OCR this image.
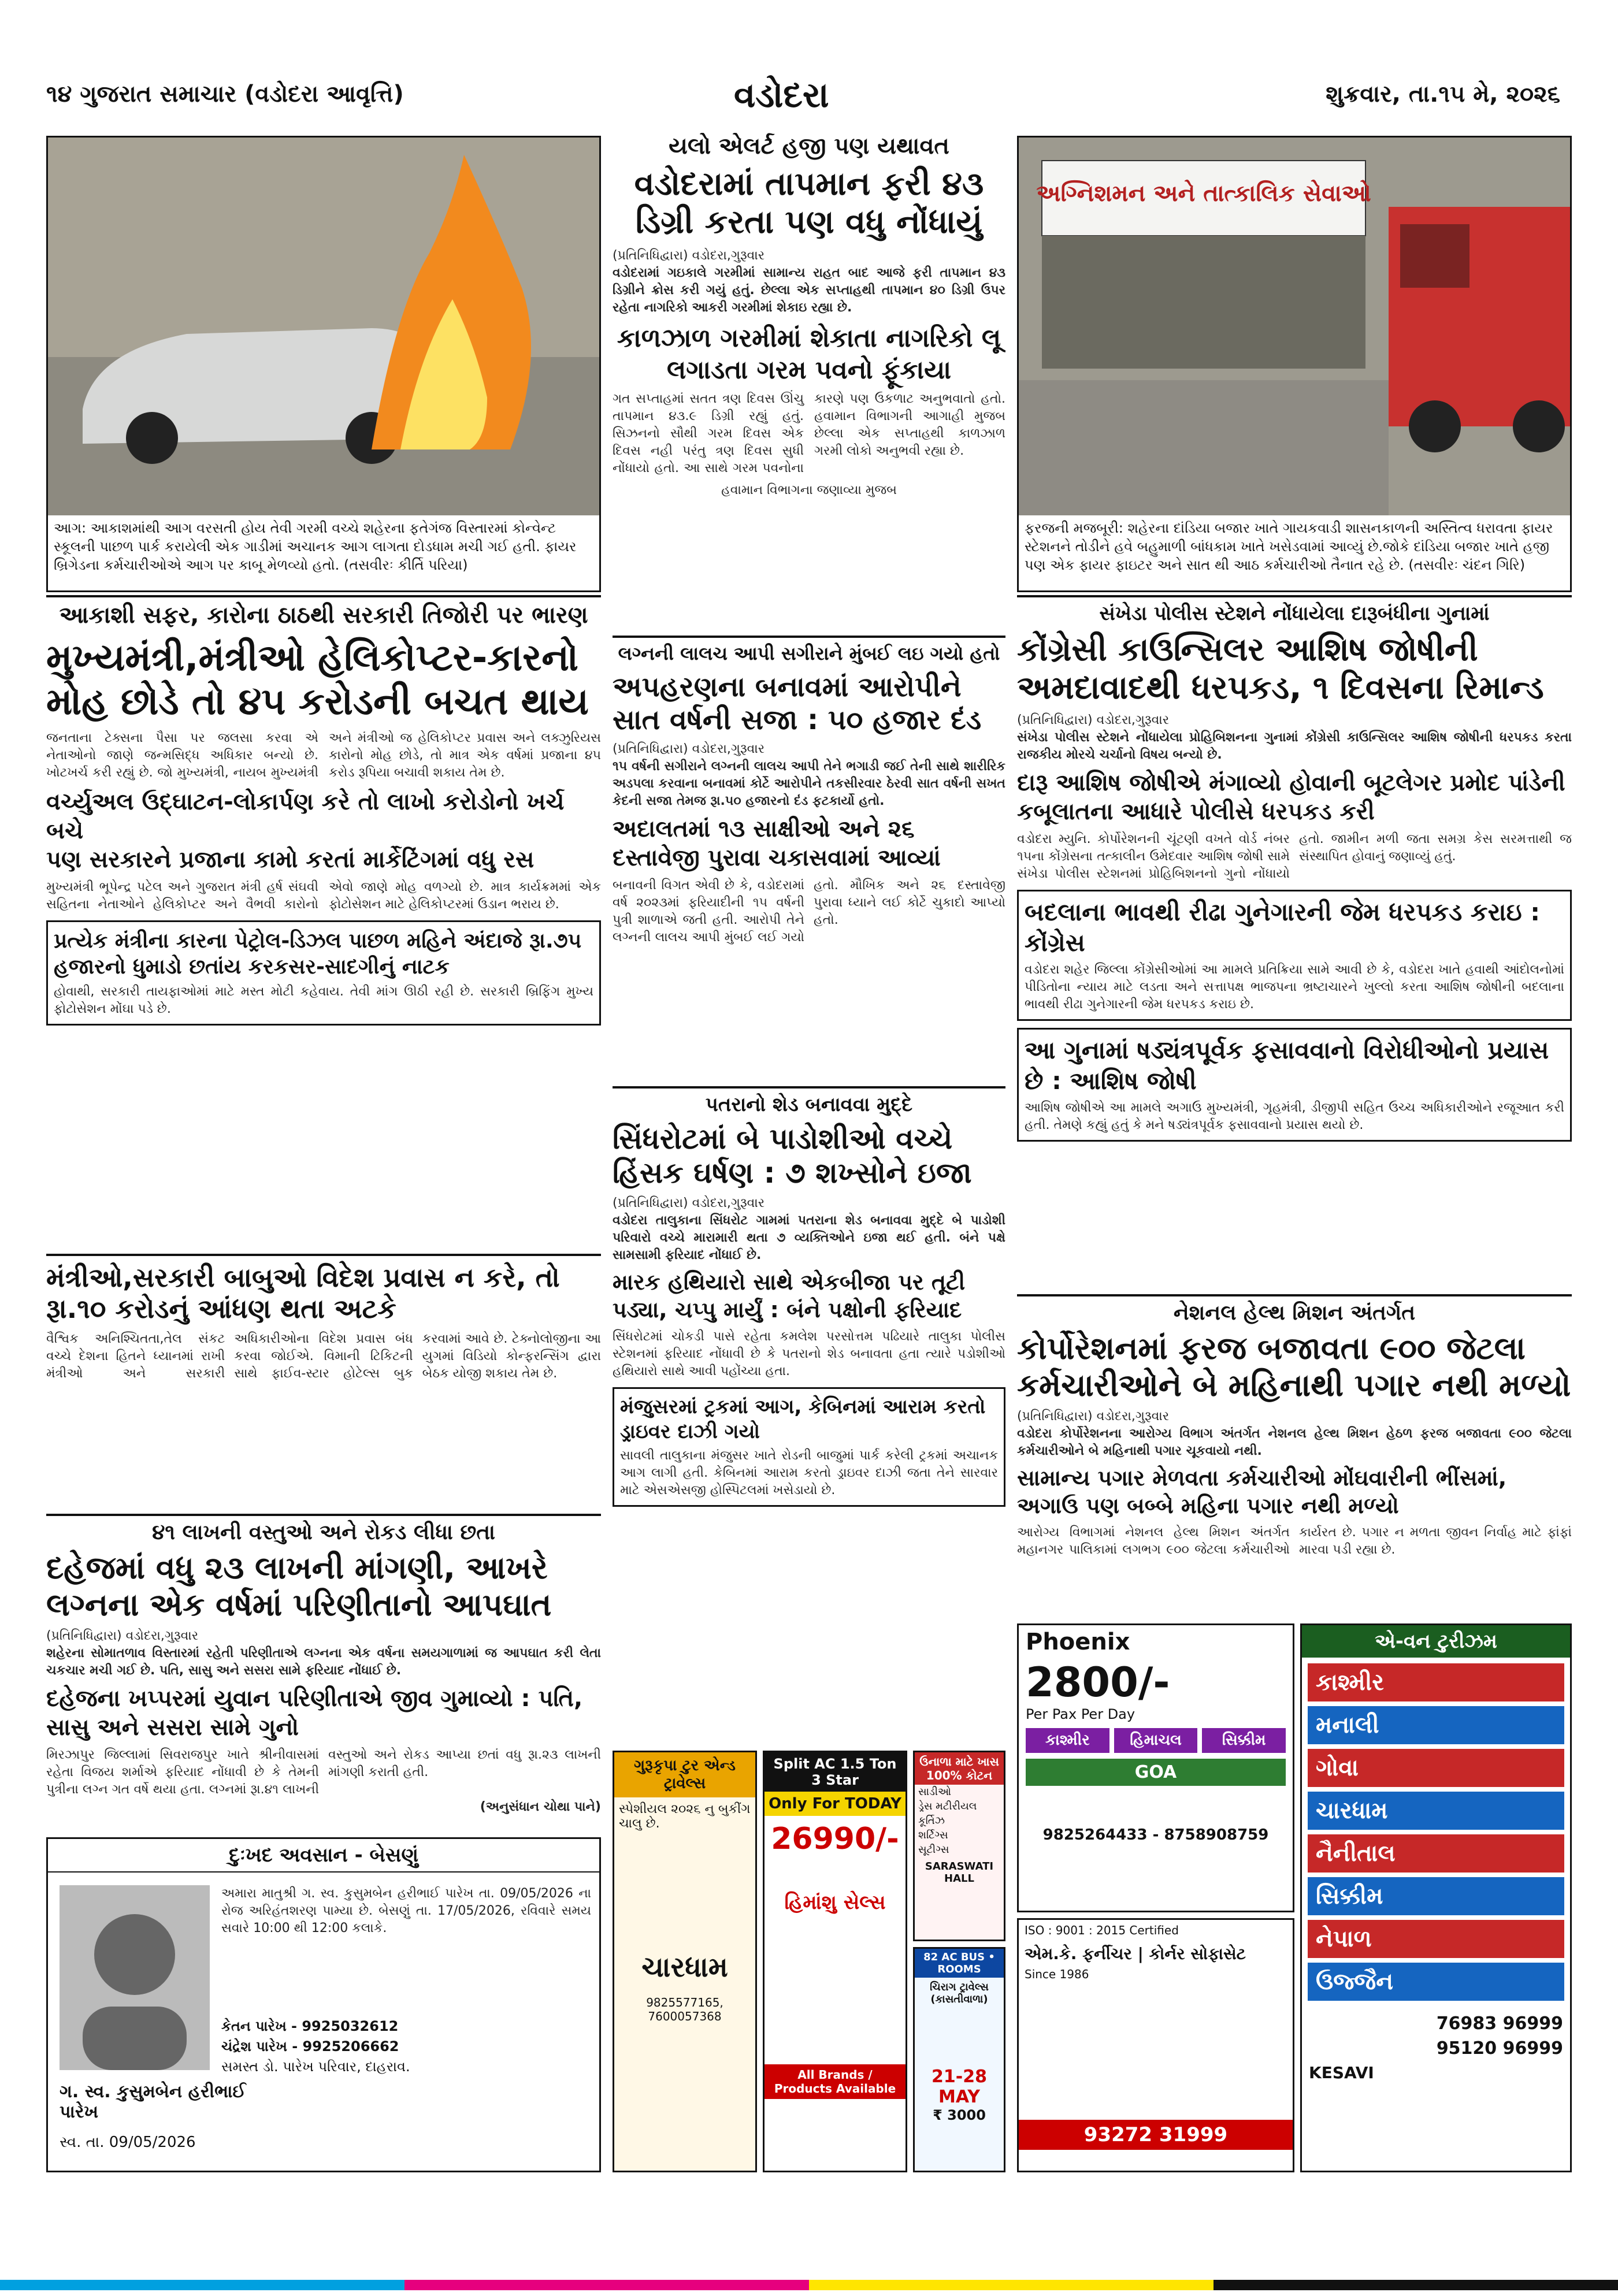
૧૪ ગુજરાત સમાચાર (વડોદરા આવૃત્તિ)	વડોદરા	શુક્રવાર, તા.૧૫ મે, ૨૦૨૬
આગ: આકાશમાંથી આગ વરસતી હોય તેવી ગરમી વચ્ચે શહેરના ફતેગંજ વિસ્તારમાં કોન્વેન્ટ સ્કૂલની પાછળ પાર્ક કરાયેલી એક ગાડીમાં અચાનક આગ લાગતા દોડધામ મચી ગઈ હતી. ફાયર બ્રિગેડના કર્મચારીઓએ આગ પર કાબૂ મેળવ્યો હતો. (તસવીરઃ કીર્તિ પરિયા)
યલો એલર્ટ હજી પણ યથાવત
વડોદરામાં તાપમાન ફરી ૪૩ ડિગ્રી કરતા પણ વધુ નોંધાયું
(પ્રતિનિધિદ્વારા) વડોદરા,ગુરૂવાર
વડોદરામાં ગઇકાલે ગરમીમાં સામાન્ય રાહત બાદ આજે ફરી તાપમાન ૪૩ ડિગ્રીને ક્રોસ કરી ગયું હતું. છેલ્લા એક સપ્તાહથી તાપમાન ૪૦ ડિગ્રી ઉપર રહેતા નાગરિકો આકરી ગરમીમાં શેકાઇ રહ્યા છે.
કાળઝાળ ગરમીમાં શેકાતા નાગરિકો લૂ લગાડતા ગરમ પવનો ફૂંકાયા
ગત સપ્તાહમાં સતત ત્રણ દિવસ ઊંચુ તાપમાન ૪૩.૯ ડિગ્રી રહ્યું હતું. સિઝનનો સૌથી ગરમ દિવસ એક દિવસ નહી પરંતુ ત્રણ દિવસ સુધી નોંધાયો હતો. આ સાથે ગરમ પવનોના કારણે પણ ઉકળાટ અનુભવાતો હતો. હવામાન વિભાગની આગાહી મુજબ છેલ્લા એક સપ્તાહથી કાળઝાળ ગરમી લોકો અનુભવી રહ્યા છે.
હવામાન વિભાગના જણાવ્યા મુજબ
અગ્નિશમન અને તાત્કાલિક સેવાઓ
ફરજની મજબૂરી: શહેરના દાંડિયા બજાર ખાતે ગાયકવાડી શાસનકાળની અસ્તિત્વ ધરાવતા ફાયર સ્ટેશનને તોડીને હવે બહુમાળી બાંધકામ ખાતે ખસેડવામાં આવ્યું છે.જોકે દાંડિયા બજાર ખાતે હજી પણ એક ફાયર ફાઇટર અને સાત થી આઠ કર્મચારીઓ તૈનાત રહે છે. (તસવીરઃ ચંદન ગિરિ)
આકાશી સફર, કારોના ઠાઠથી સરકારી તિજોરી પર ભારણ
મુખ્યમંત્રી,મંત્રીઓ હેલિકોપ્ટર-કારનો મોહ છોડે તો ૪૫ કરોડની બચત થાય
જનતાના ટેક્સના પૈસા પર જલસા કરવા એ નેતાઓનો જાણે જન્મસિદ્ધ અધિકાર બન્યો છે. ખોટખર્ચ કરી રહ્યું છે. જો મુખ્યમંત્રી, નાયબ મુખ્યમંત્રી અને મંત્રીઓ જ હેલિકોપ્ટર પ્રવાસ અને લક્ઝુરિયસ કારોનો મોહ છોડે, તો માત્ર એક વર્ષમાં પ્રજાના ૪૫ કરોડ રૂપિયા બચાવી શકાય તેમ છે.
વર્ચ્યુઅલ ઉદ્ઘાટન-લોકાર્પણ કરે તો લાખો કરોડોનો ખર્ચ બચે
પણ સરકારને પ્રજાના કામો કરતાં માર્કેટિંગમાં વધુ રસ
મુખ્યમંત્રી ભૂપેન્દ્ર પટેલ અને ગુજરાત મંત્રી હર્ષ સંઘવી સહિતના નેતાઓને હેલિકોપ્ટર અને વૈભવી કારોનો એવો જાણે મોહ વળગ્યો છે. માત્ર કાર્યક્રમમાં એક ફોટોસેશન માટે હેલિકોપ્ટરમાં ઉડાન ભરાય છે.
પ્રત્યેક મંત્રીના કારના પેટ્રોલ-ડિઝલ પાછળ મહિને અંદાજે રૂા.૭૫ હજારનો ધુમાડો છતાંય કરકસર-સાદગીનું નાટક
હોવાથી, સરકારી તાયફાઓમાં માટે મસ્ત મોટી કહેવાય. તેવી માંગ ઊઠી રહી છે. સરકારી બ્રિફિંગ મુખ્ય ફોટોસેશન મોંઘા પડે છે.
મંત્રીઓ,સરકારી બાબુઓ વિદેશ પ્રવાસ ન કરે, તો રૂા.૧૦ કરોડનું આંધણ થતા અટકે
વૈશ્વિક અનિશ્ચિતતા,તેલ સંકટ વચ્ચે દેશના હિતને ધ્યાનમાં રાખી મંત્રીઓ અને સરકારી અધિકારીઓના વિદેશ પ્રવાસ બંધ કરવા જોઈએ. વિમાની ટિકિટની સાથે ફાઈવ-સ્ટાર હોટેલ્સ બુક કરવામાં આવે છે. ટેક્નોલોજીના આ યુગમાં વિડિયો કોન્ફરન્સિંગ દ્વારા બેઠક યોજી શકાય તેમ છે.
લગ્નની લાલચ આપી સગીરાને મુંબઈ લઇ ગયો હતો
અપહરણના બનાવમાં આરોપીને સાત વર્ષની સજા : ૫૦ હજાર દંડ
(પ્રતિનિધિદ્વારા) વડોદરા,ગુરૂવાર
૧૫ વર્ષની સગીરાને લગ્નની લાલચ આપી તેને ભગાડી જઈ તેની સાથે શારીરિક અડપલા કરવાના બનાવમાં કોર્ટે આરોપીને તકસીરવાર ઠેરવી સાત વર્ષની સખત કેદની સજા તેમજ રૂા.૫૦ હજારનો દંડ ફટકાર્યો હતો.
અદાલતમાં ૧૩ સાક્ષીઓ અને ૨૬ દસ્તાવેજી પુરાવા ચકાસવામાં આવ્યાં
બનાવની વિગત એવી છે કે, વડોદરામાં વર્ષ ૨૦૨૩માં ફરિયાદીની ૧૫ વર્ષની પુત્રી શાળાએ જતી હતી. આરોપી તેને લગ્નની લાલચ આપી મુંબઈ લઈ ગયો હતો. મૌખિક અને ૨૬ દસ્તાવેજી પુરાવા ધ્યાને લઈ કોર્ટે ચુકાદો આપ્યો હતો.
પતરાનો શેડ બનાવવા મુદ્દે
સિંધરોટમાં બે પાડોશીઓ વચ્ચે હિંસક ઘર્ષણ : ૭ શખ્સોને ઇજા
(પ્રતિનિધિદ્વારા) વડોદરા,ગુરૂવાર
વડોદરા તાલુકાના સિંધરોટ ગામમાં પતરાના શેડ બનાવવા મુદ્દે બે પાડોશી પરિવારો વચ્ચે મારામારી થતા ૭ વ્યક્તિઓને ઇજા થઈ હતી. બંને પક્ષે સામસામી ફરિયાદ નોંધાઈ છે.
મારક હથિયારો સાથે એકબીજા પર તૂટી પડ્યા, ચપ્પુ માર્યું : બંને પક્ષોની ફરિયાદ
સિંધરોટમાં ચોકડી પાસે રહેતા કમલેશ પરસોત્તમ પઢિયારે તાલુકા પોલીસ સ્ટેશનમાં ફરિયાદ નોંધાવી છે કે પતરાનો શેડ બનાવતા હતા ત્યારે પડોશીઓ હથિયારો સાથે આવી પહોંચ્યા હતા.
મંજુસરમાં ટ્રકમાં આગ, કેબિનમાં આરામ કરતો ડ્રાઇવર દાઝી ગયો
સાવલી તાલુકાના મંજુસર ખાતે રોડની બાજુમાં પાર્ક કરેલી ટ્રકમાં અચાનક આગ લાગી હતી. કેબિનમાં આરામ કરતો ડ્રાઇવર દાઝી જતા તેને સારવાર માટે એસએસજી હોસ્પિટલમાં ખસેડાયો છે.
સંખેડા પોલીસ સ્ટેશને નોંધાયેલા દારૂબંધીના ગુનામાં
કોંગ્રેસી કાઉન્સિલર આશિષ જોષીની અમદાવાદથી ધરપકડ, ૧ દિવસના રિમાન્ડ
(પ્રતિનિધિદ્વારા) વડોદરા,ગુરૂવાર
સંખેડા પોલીસ સ્ટેશને નોંધાયેલા પ્રોહિબિશનના ગુનામાં કોંગ્રેસી કાઉન્સિલર આશિષ જોષીની ધરપકડ કરતા રાજકીય મોરચે ચર્ચાનો વિષય બન્યો છે.
દારૂ આશિષ જોષીએ મંગાવ્યો હોવાની બૂટલેગર પ્રમોદ પાંડેની કબૂલાતના આધારે પોલીસે ધરપકડ કરી
વડોદરા મ્યુનિ. કોર્પોરેશનની ચૂંટણી વખતે વોર્ડ નંબર ૧૫ના કોંગ્રેસના તત્કાલીન ઉમેદવાર આશિષ જોષી સામે સંખેડા પોલીસ સ્ટેશનમાં પ્રોહિબિશનનો ગુનો નોંધાયો હતો. જામીન મળી જતા સમગ્ર કેસ સરમત્તાથી જ સંસ્થાપિત હોવાનું જણાવ્યું હતું.
બદલાના ભાવથી રીઢા ગુનેગારની જેમ ધરપકડ કરાઇ : કોંગ્રેસ
વડોદરા શહેર જિલ્લા કોંગ્રેસીઓમાં આ મામલે પ્રતિક્રિયા સામે આવી છે કે, વડોદરા ખાતે હવાથી આંદોલનોમાં પીડિતોના ન્યાય માટે લડતા અને સત્તાપક્ષ ભાજપના ભ્રષ્ટાચારને ખુલ્લો કરતા આશિષ જોષીની બદલાના ભાવથી રીઢા ગુનેગારની જેમ ધરપકડ કરાઇ છે.
આ ગુનામાં ષડ્યંત્રપૂર્વક ફસાવવાનો વિરોધીઓનો પ્રયાસ છે : આશિષ જોષી
આશિષ જોષીએ આ મામલે અગાઉ મુખ્યમંત્રી, ગૃહમંત્રી, ડીજીપી સહિત ઉચ્ચ અધિકારીઓને રજૂઆત કરી હતી. તેમણે કહ્યું હતું કે મને ષડ્યંત્રપૂર્વક ફસાવવાનો પ્રયાસ થયો છે.
નેશનલ હેલ્થ મિશન અંતર્ગત
કોર્પોરેશનમાં ફરજ બજાવતા ૯૦૦ જેટલા કર્મચારીઓને બે મહિનાથી પગાર નથી મળ્યો
(પ્રતિનિધિદ્વારા) વડોદરા,ગુરૂવાર
વડોદરા કોર્પોરેશનના આરોગ્ય વિભાગ અંતર્ગત નેશનલ હેલ્થ મિશન હેઠળ ફરજ બજાવતા ૯૦૦ જેટલા કર્મચારીઓને બે મહિનાથી પગાર ચૂકવાયો નથી.
સામાન્ય પગાર મેળવતા કર્મચારીઓ મોંઘવારીની ભીંસમાં, અગાઉ પણ બબ્બે મહિના પગાર નથી મળ્યો
આરોગ્ય વિભાગમાં નેશનલ હેલ્થ મિશન અંતર્ગત મહાનગર પાલિકામાં લગભગ ૯૦૦ જેટલા કર્મચારીઓ કાર્યરત છે. પગાર ન મળતા જીવન નિર્વાહ માટે ફાંફાં મારવા પડી રહ્યા છે.
૪૧ લાખની વસ્તુઓ અને રોકડ લીધા છતા
દહેજમાં વધુ ૨૩ લાખની માંગણી, આખરે લગ્નના એક વર્ષમાં પરિણીતાનો આપઘાત
(પ્રતિનિધિદ્વારા) વડોદરા,ગુરૂવાર
શહેરના સોમાતળાવ વિસ્તારમાં રહેતી પરિણીતાએ લગ્નના એક વર્ષના સમયગાળામાં જ આપઘાત કરી લેતા ચકચાર મચી ગઈ છે. પતિ, સાસુ અને સસરા સામે ફરિયાદ નોંધાઈ છે.
દહેજના ખપ્પરમાં યુવાન પરિણીતાએ જીવ ગુમાવ્યો : પતિ, સાસુ અને સસરા સામે ગુનો
મિરઝાપુર જિલ્લામાં સિવરાજપુર ખાતે શ્રીનીવાસમાં રહેતા વિજય શર્માએ ફરિયાદ નોંધાવી છે કે તેમની પુત્રીના લગ્ન ગત વર્ષે થયા હતા. લગ્નમાં રૂા.૪૧ લાખની વસ્તુઓ અને રોકડ આપ્યા છતાં વધુ રૂા.૨૩ લાખની માંગણી કરાતી હતી.
(અનુસંધાન ચોથા પાને)
દુઃખદ અવસાન - બેસણું
અમારા માતુશ્રી ગ. સ્વ. કુસુમબેન હરીભાઈ પારેખ તા. 09/05/2026 ના રોજ અરિહંતશરણ પામ્યા છે. બેસણું તા. 17/05/2026, રવિવારે સમય સવારે 10:00 થી 12:00 કલાકે.
કેતન પારેખ - 9925032612
ચંદ્રેશ પારેખ - 9925206662
સમસ્ત ડો. પારેખ પરિવાર, દાહરાવ.
ગ. સ્વ. કુસુમબેન હરીભાઈ પારેખ
સ્વ. તા. 09/05/2026
ગુરૂકૃપા ટુર એન્ડ ટ્રાવેલ્સ
સ્પેશીયલ ૨૦૨૬ નુ બુકીંગ ચાલુ છે.
ચારધામ
9825577165, 7600057368
Split AC 1.5 Ton 3 Star
Only For TODAY
26990/-
હિમાંશુ સેલ્સ
All Brands / Products Available
ઉનાળા માટે ખાસ 100% કોટન
સાડીઓ
ડ્રેસ મટીરીયલ
કૂર્તિઝ
શર્ટિગ્સ
સૂટીગ્સ
SARASWATI HALL
82 AC BUS • ROOMS
ચિરાગ ટ્રાવેલ્સ (કાસતીવાળા)
21-28 MAY
₹ 3000
Phoenix
2800/-
Per Pax Per Day
કાશ્મીર	હિમાચલ	સિક્કીમ
GOA
9825264433 - 8758908759
એ-વન ટુરીઝમ
કાશ્મીર
મનાલી
ગોવા
ચારધામ
નૈનીતાલ
સિક્કીમ
નેપાળ
ઉજ્જૈન
76983 96999
95120 96999
KESAVI
ISO : 9001 : 2015 Certified
એમ.કે. ફર્નીચર | કોર્નર સોફાસેટ
Since 1986
93272 31999
